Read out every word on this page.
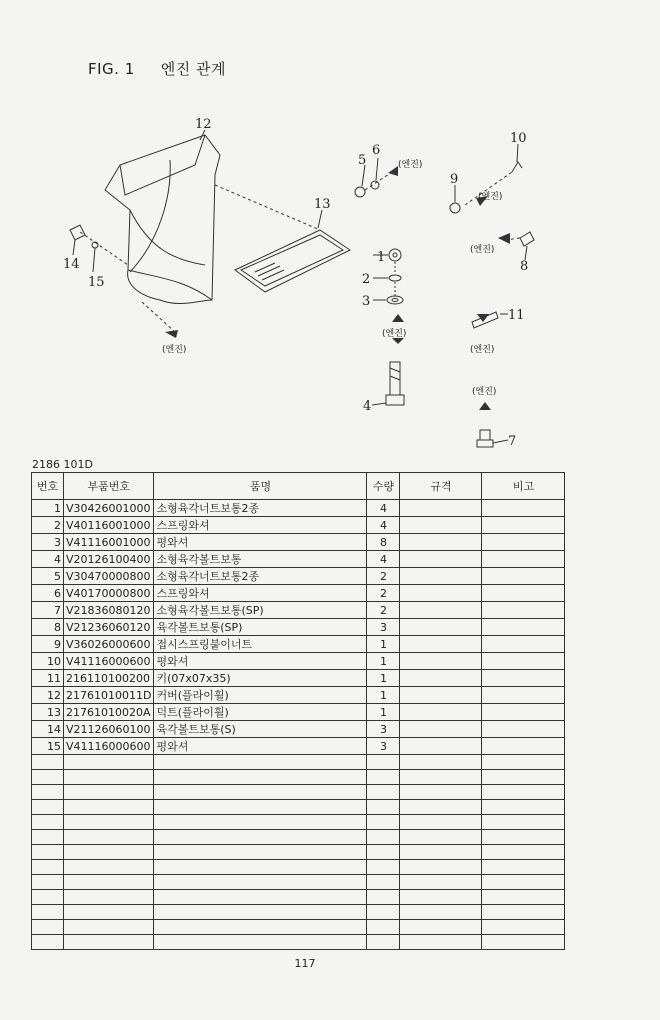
FIG. 1 엔진 관계
1
2
3
4
5
6
7
8
9
10
11
12
13
14
15
(엔진)
(엔진)
(엔진)
(엔진)
(엔진)
(엔진)
(엔진)
2186 101D
번호	부품번호	품명	수량	규격	비고
1	V30426001000	소형육각너트보통2종	4		
2	V40116001000	스프링와셔	4		
3	V41116001000	평와셔	8		
4	V20126100400	소형육각볼트보통	4		
5	V30470000800	소형육각너트보통2종	2		
6	V40170000800	스프링와셔	2		
7	V21836080120	소형육각볼트보통(SP)	2		
8	V21236060120	육각볼트보통(SP)	3		
9	V36026000600	접시스프링붙이너트	1		
10	V41116000600	평와셔	1		
11	216110100200	키(07x07x35)	1		
12	21761010011D	커버(플라이휠)	1		
13	21761010020A	덕트(플라이휠)	1		
14	V21126060100	육각볼트보통(S)	3		
15	V41116000600	평와셔	3		

117
